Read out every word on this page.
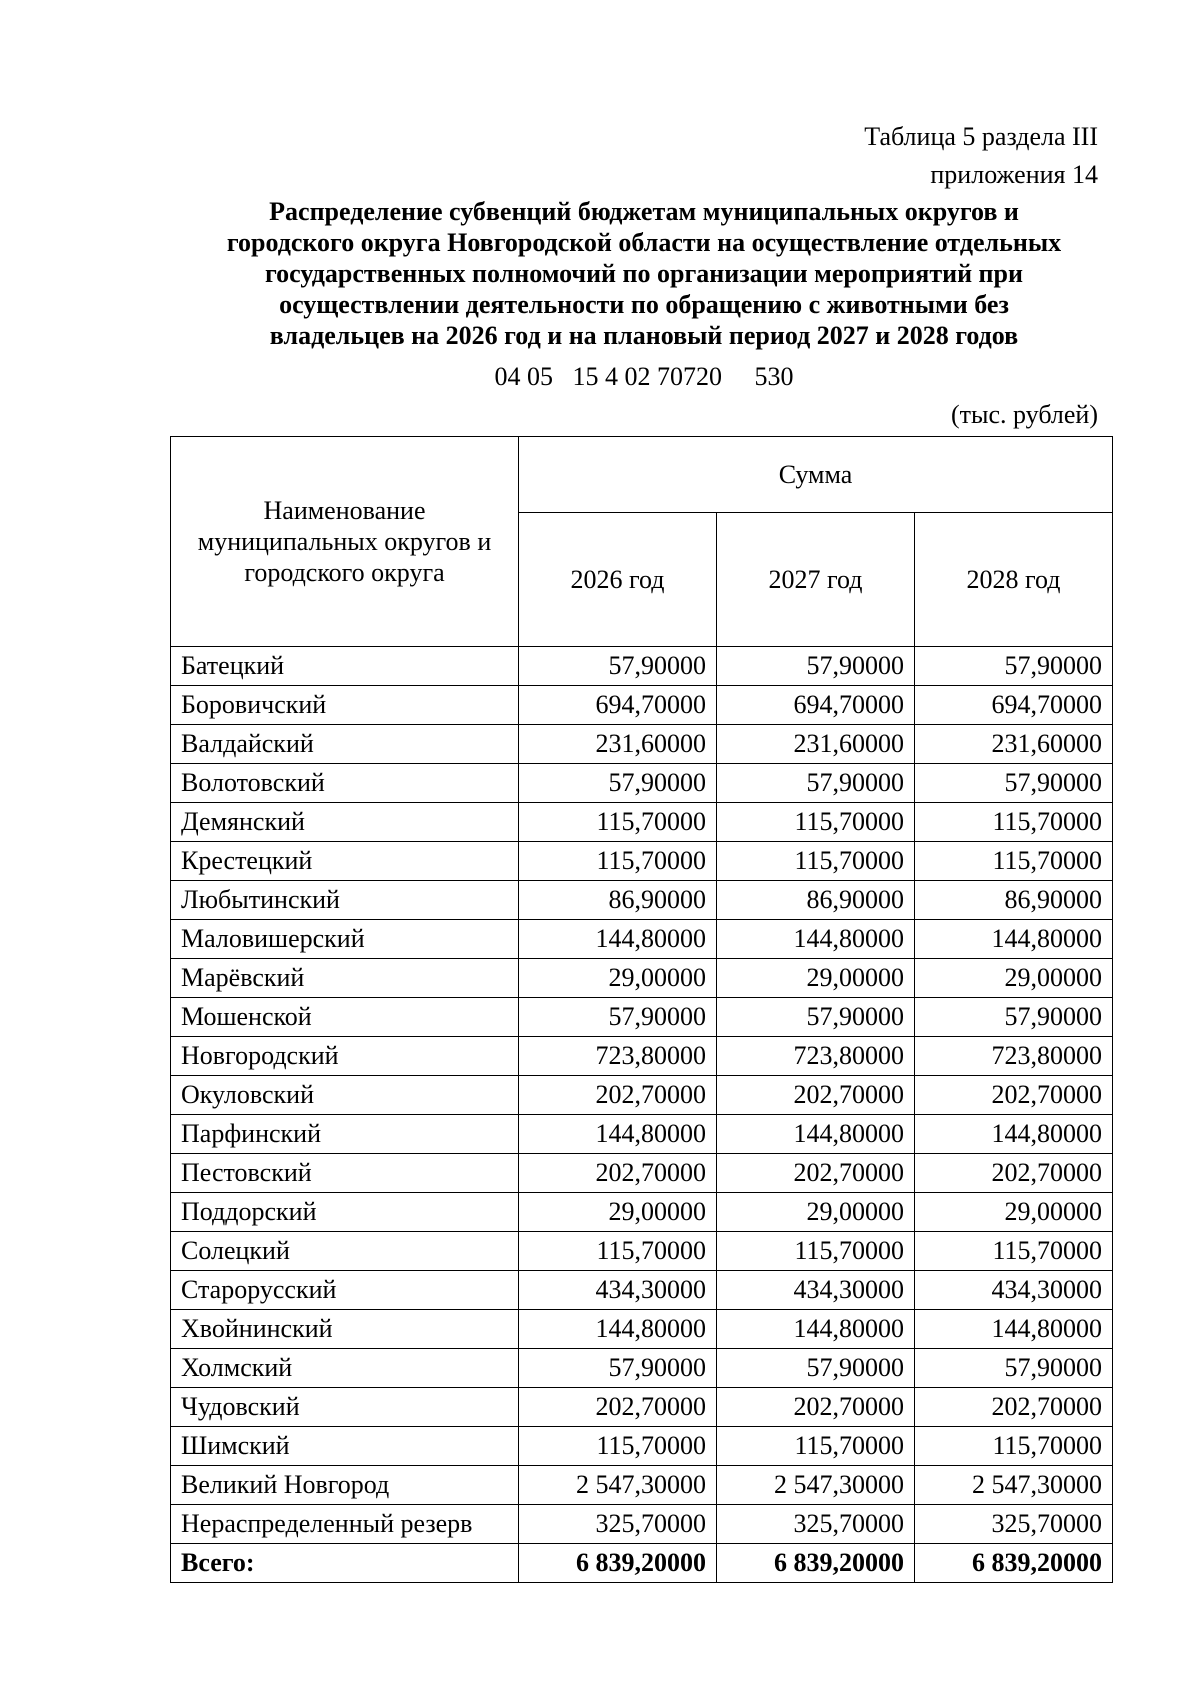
Таблица 5 раздела III
приложения 14
Распределение субвенций бюджетам муниципальных округов и
городского округа Новгородской области на осуществление отдельных
государственных полномочий по организации мероприятий при
осуществлении деятельности по обращению с животными без
владельцев на 2026 год и на плановый период 2027 и 2028 годов
04 05   15 4 02 70720     530
(тыс. рублей)
Наименование муниципальных округов и городского округа	Сумма		
	2026 год	2027 год	2028 год
Батецкий	57,90000	57,90000	57,90000
Боровичский	694,70000	694,70000	694,70000
Валдайский	231,60000	231,60000	231,60000
Волотовский	57,90000	57,90000	57,90000
Демянский	115,70000	115,70000	115,70000
Крестецкий	115,70000	115,70000	115,70000
Любытинский	86,90000	86,90000	86,90000
Маловишерский	144,80000	144,80000	144,80000
Марёвский	29,00000	29,00000	29,00000
Мошенской	57,90000	57,90000	57,90000
Новгородский	723,80000	723,80000	723,80000
Окуловский	202,70000	202,70000	202,70000
Парфинский	144,80000	144,80000	144,80000
Пестовский	202,70000	202,70000	202,70000
Поддорский	29,00000	29,00000	29,00000
Солецкий	115,70000	115,70000	115,70000
Старорусский	434,30000	434,30000	434,30000
Хвойнинский	144,80000	144,80000	144,80000
Холмский	57,90000	57,90000	57,90000
Чудовский	202,70000	202,70000	202,70000
Шимский	115,70000	115,70000	115,70000
Великий Новгород	2 547,30000	2 547,30000	2 547,30000
Нераспределенный резерв	325,70000	325,70000	325,70000
Всего:	6 839,20000	6 839,20000	6 839,20000
